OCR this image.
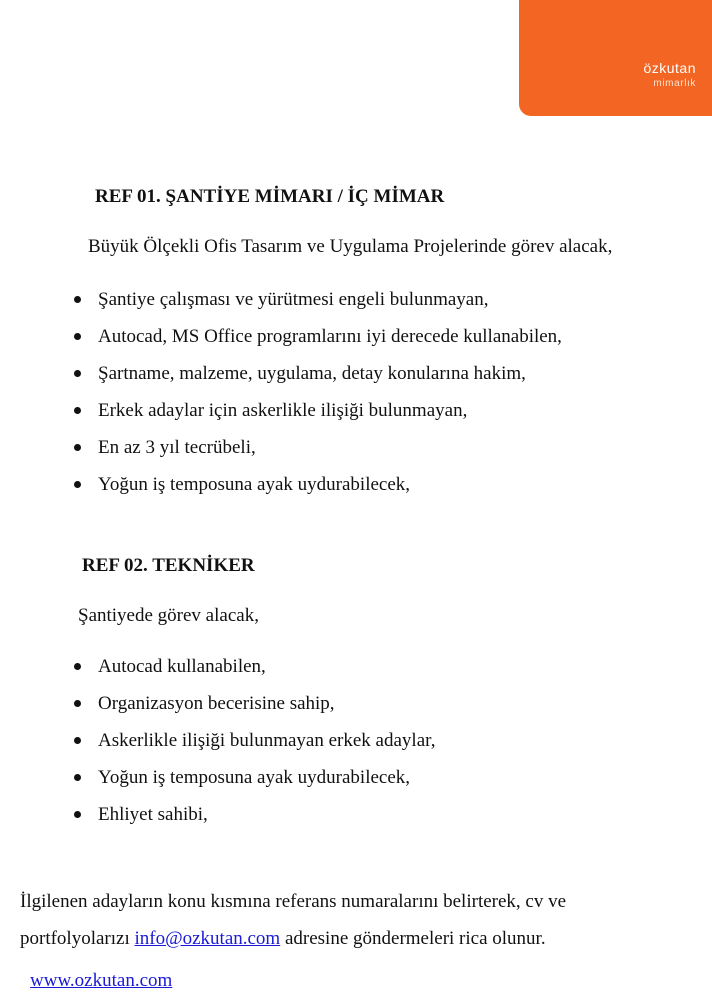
özkutan
mimarlık
REF 01. ŞANTİYE MİMARI / İÇ MİMAR

Büyük Ölçekli Ofis Tasarım ve Uygulama Projelerinde görev alacak,

Şantiye çalışması ve yürütmesi engeli bulunmayan,
Autocad, MS Office programlarını iyi derecede kullanabilen,
Şartname, malzeme, uygulama, detay konularına hakim,
Erkek adaylar için askerlikle ilişiği bulunmayan,
En az 3 yıl tecrübeli,
Yoğun iş temposuna ayak uydurabilecek,
REF 02. TEKNİKER

Şantiyede görev alacak,

Autocad kullanabilen,
Organizasyon becerisine sahip,
Askerlikle ilişiği bulunmayan erkek adaylar,
Yoğun iş temposuna ayak uydurabilecek,
Ehliyet sahibi,

İlgilenen adayların konu kısmına referans numaralarını belirterek, cv ve
portfolyolarızı info@ozkutan.com adresine göndermeleri rica olunur.

www.ozkutan.com
